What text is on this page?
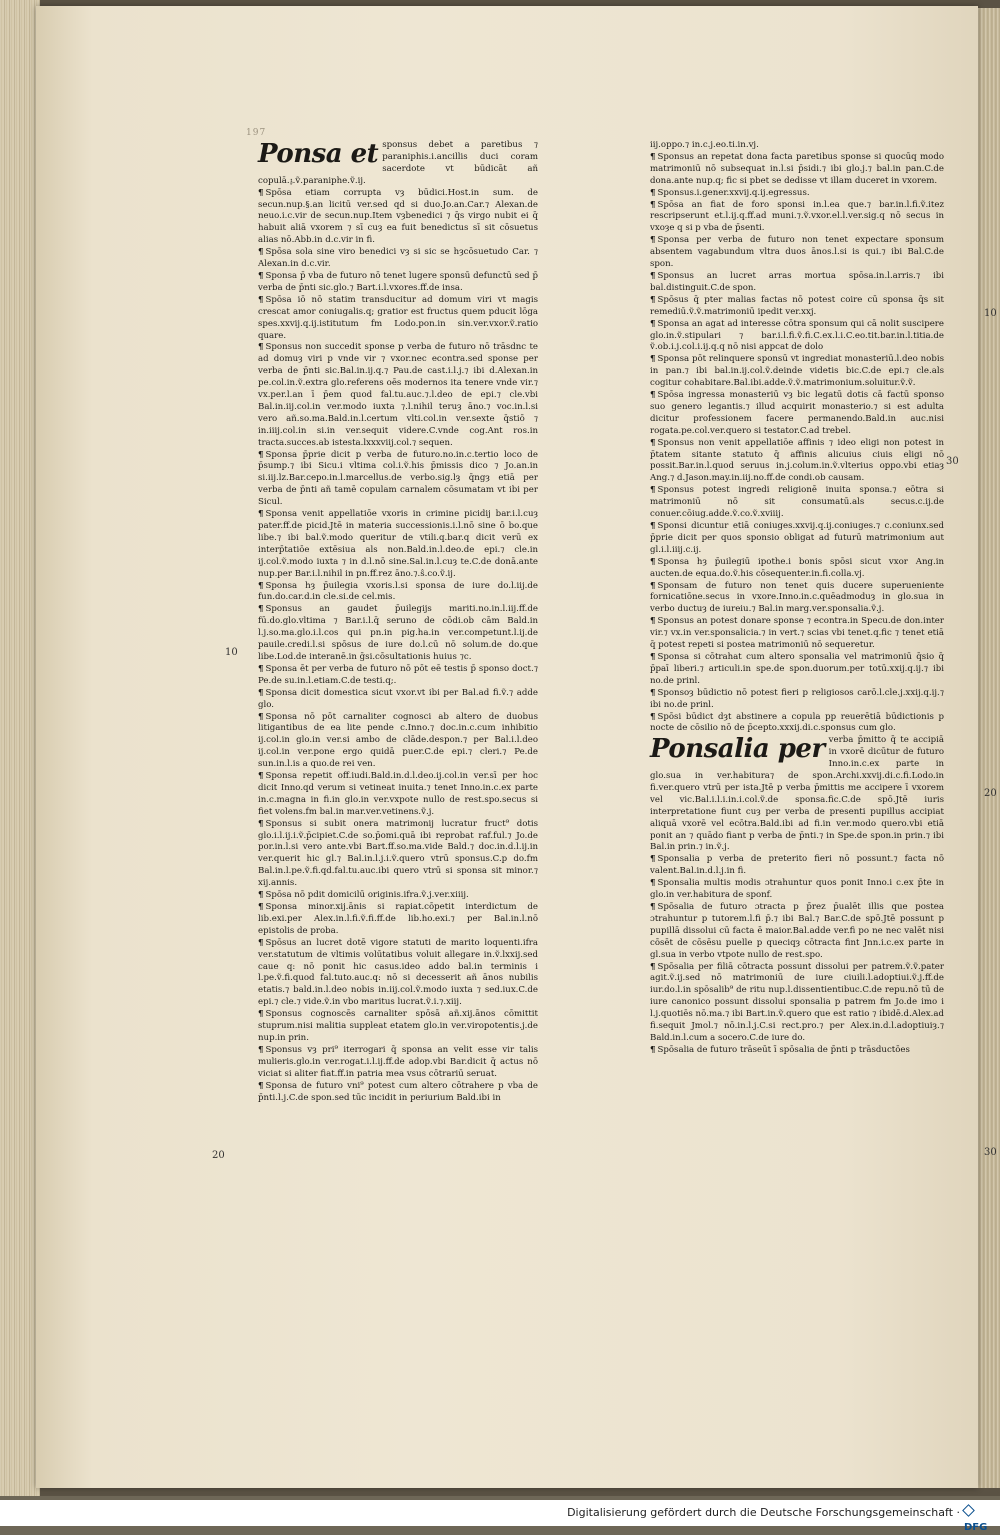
197
10
20
30
10
20
30
Ponsa et sponsus debet a paretibus ⁊ paraniphis.i.ancillis duci coram sacerdote vt būdicāt añ copulā.𝔷.ṽ.paraniphe.ṽ.ij.

¶ Spōsa etiam corrupta vȝ būdici.Host.in sum. de secun.nup.§.an licitū ver.sed qd si duo.Jo.an.Car.⁊ Alexan.de neuo.i.c.vir de secun.nup.Item vȝbenedici ⁊ q̄s virgo nubit ei q̄ habuit aliā vxorem ⁊ sī cuȝ ea fuit benedictus sī sit cōsuetus alias nō.Abb.in d.c.vir in fi.

¶ Spōsa sola sine viro benedici vȝ si sic se hȝcōsuetudo Car. ⁊ Alexan.in d.c.vir.

¶ Sponsa p̄ vba de futuro nō tenet lugere sponsū defunctū sed p̄ verba de p̄nti sic.glo.⁊ Bart.i.l.vxores.ff.de insa.

¶ Spōsa iō nō statim transducitur ad domum viri vt magis crescat amor coniugalis.q; gratior est fructus quem pducit lōga spes.xxvij.q.ij.istitutum fm Lodo.pon.in sin.ver.vxor.ṽ.ratio quare.

¶ Sponsus non succedit sponse p verba de futuro nō trāsdnc te ad domuȝ viri p vnde vir ⁊ vxor.nec econtra.sed sponse per verba de p̄nti sic.Bal.in.ij.q.⁊ Pau.de cast.i.l.j.⁊ ibi d.Alexan.in pe.col.in.ṽ.extra glo.referens oēs modernos ita tenere vnde vir.⁊ vx.per.l.an ī p̄em quod fal.tu.auc.⁊.l.deo de epi.⁊ cle.vbi Bal.in.iij.col.in ver.modo iuxta ⁊.l.nihil teruȝ āno.⁊ voc.in.l.si vero añ.so.ma.Bald.in.l.certum vlti.col.in ver.sexte q̄stiō ⁊ in.iiij.col.in si.in ver.sequit videre.C.vnde cog.Ant ros.in tracta.succes.ab istesta.lxxxviij.col.⁊ sequen.

¶ Sponsa p̄prie dicit p verba de futuro.no.in.c.tertio loco de p̄sump.⁊ ibi Sicu.i vltima col.i.ṽ.his p̄missis dico ⁊ Jo.an.in si.iij.lz.Bar.cepo.in.l.marcellus.de verbo.sig.lȝ q̄ngȝ etiā per verba de p̄nti añ tamē copulam carnalem cōsumatam vt ibi per Sicul.

¶ Sponsa venit appellatiōe vxoris in crimine picidij bar.i.l.cuȝ pater.ff.de picid.Jtē in materia successionis.i.l.nō sine ō bo.que libe.⁊ ibi bal.ṽ.modo queritur de vtili.q.bar.q dicit verū ex interp̄tatiōe extēsiua als non.Bald.in.l.deo.de epi.⁊ cle.in ij.col.ṽ.modo iuxta ⁊ in d.l.nō sine.Sal.in.l.cuȝ te.C.de donā.ante nup.per Bar.i.l.nihil in pn.ff.rez āno.⁊.ŝ.co.ṽ.ij.

¶ Sponsa hȝ p̄uilegia vxoris.l.si sponsa de iure do.l.iij.de fun.do.car.d.in cle.si.de cel.mis.

¶ Sponsus an gaudet p̄uilegijs mariti.no.in.l.iij.ff.de fū.do.glo.vltima ⁊ Bar.i.l.q̄ seruno de cōdi.ob cām Bald.in l.j.so.ma.glo.i.l.cos qui pn.in pig.ha.in ver.competunt.l.ij.de pauile.credi.l.si spōsus de iure do.l.cū nō solum.de do.que libe.Lod.de interanē.in ḡsi.cōsultationis huius ⁊c.

¶ Sponsa ēt per verba de futuro nō pōt eē testis p̄ sponso doct.⁊ Pe.de su.in.l.etiam.C.de testi.q;.

¶ Sponsa dicit domestica sicut vxor.vt ibi per Bal.ad fi.ṽ.⁊ adde glo.

¶ Sponsa nō pōt carnaliter cognosci ab altero de duobus litigantibus de ea lite pende c.Inno.⁊ doc.in.c.cum inhibitio ij.col.in glo.in ver.si ambo de clāde.despon.⁊ per Bal.i.l.deo ij.col.in ver.pone ergo quidā puer.C.de epi.⁊ cleri.⁊ Pe.de sun.in.l.is a quo.de rei ven.

¶ Sponsa repetit off.iudi.Bald.in.d.l.deo.ij.col.in ver.sī per hoc dicit Inno.qd verum si vetineat inuita.⁊ tenet Inno.in.c.ex parte in.c.magna in fi.in glo.in ver.vxpote nullo de rest.spo.secus si fiet volens.fm bal.in mar.ver.vetinens.ṽ.j.

¶ Sponsus si subit onera matrimonij lucratur fruct⁹ dotis glo.i.l.ij.i.ṽ.p̄cipiet.C.de so.p̄omi.quā ibi reprobat raf.ful.⁊ Jo.de por.in.l.si vero ante.vbi Bart.ff.so.ma.vide Bald.⁊ doc.in.d.l.ij.in ver.querit hic gl.⁊ Bal.in.l.j.i.ṽ.quero vtrū sponsus.C.p do.fm Bal.in.l.pe.ṽ.fi.qd.fal.tu.auc.ibi quero vtrū si sponsa sit minor.⁊ xij.annis.

¶ Spōsa nō pdit domicilū originis.ifra.ṽ.j.ver.xiiij.

¶ Sponsa minor.xij.ānis si rapiat.cōpetit interdictum de lib.exi.per Alex.in.l.fi.ṽ.fi.ff.de lib.ho.exi.⁊ per Bal.in.l.nō epistolis de proba.

¶ Spōsus an lucret dotē vigore statuti de marito loquenti.ifra ver.statutum de vltimis volūtatibus voluit allegare in.ṽ.lxxij.sed caue q: nō ponit hic casus.ideo addo bal.in terminis i l.pe.ṽ.fi.quod fal.tuto.auc.q: nō si decesserit añ ānos nubilis etatis.⁊ bald.in.l.deo nobis in.iij.col.ṽ.modo iuxta ⁊ sed.iux.C.de epi.⁊ cle.⁊ vide.ṽ.in vbo maritus lucrat.ṽ.i.⁊.xiij.

¶ Sponsus cognoscēs carnaliter spōsā añ.xij.ānos cōmittit stuprum.nisi malitia suppleat etatem glo.in ver.viropotentis.j.de nup.in prin.

¶ Sponsus vȝ pri⁹ iterrogari q̄ sponsa an velit esse vir talis mulieris.glo.in ver.rogat.i.l.ij.ff.de adop.vbi Bar.dicit q̄ actus nō viciat si aliter fiat.ff.in patria mea vsus cōtrariū seruat.

¶ Sponsa de futuro vni⁹ potest cum altero cōtrahere p vba de p̄nti.l.j.C.de spon.sed tūc incidit in periurium Bald.ibi in

iij.oppo.⁊ in.c.j.eo.ti.in.vj.

¶ Sponsus an repetat dona facta paretibus sponse si quocūq modo matrimoniū nō subsequat in.l.si p̄sidi.⁊ ibi glo.j.⁊ bal.in pan.C.de dona.ante nup.q; fic si pbet se dedisse vt illam duceret in vxorem.

¶ Sponsus.i.gener.xxvij.q.ij.egressus.

¶ Spōsa an fiat de foro sponsi in.l.ea que.⁊ bar.in.l.fi.ṽ.itez rescripserunt et.l.ij.q.ff.ad muni.⁊.ṽ.vxor.el.l.ver.sig.q nō secus in vxoȝe q si p vba de p̄senti.

¶ Sponsa per verba de futuro non tenet expectare sponsum absentem vagabundum vltra duos ānos.l.si is qui.⁊ ibi Bal.C.de spon.

¶ Sponsus an lucret arras mortua spōsa.in.l.arris.⁊ ibi bal.distinguit.C.de spon.

¶ Spōsus q̄ pter malias factas nō potest coire cū sponsa q̄s sit remediū.ṽ.ṽ.matrimoniū ipedit ver.xxj.

¶ Sponsa an agat ad interesse cōtra sponsum qui cā nolit suscipere glo.in.ṽ.stipulari ⁊ bar.i.l.fi.ṽ.fi.C.ex.l.i.C.eo.tit.bar.in.l.titia.de ṽ.ob.i.j.col.i.ij.q.q nō nisi appcat de dolo

¶ Sponsa pōt relinquere sponsū vt ingrediat monasteriū.l.deo nobis in pan.⁊ ibi bal.in.ij.col.ṽ.deinde videtis bic.C.de epi.⁊ cle.als cogitur cohabitare.Bal.ibi.adde.ṽ.ṽ.matrimonium.soluitur.ṽ.ṽ.

¶ Spōsa ingressa monasteriū vȝ bic legatū dotis cā factū sponso suo genero legantis.⁊ illud acquirit monasterio.⁊ si est adulta dicitur professionem facere permanendo.Bald.in auc.nisi rogata.pe.col.ver.quero si testator.C.ad trebel.

¶ Sponsus non venit appellatiōe affinis ⁊ ideo eligi non potest in p̄tatem sitante statuto q̄ affinis alicuius ciuis eligi nō possit.Bar.in.l.quod seruus in.j.colum.in.ṽ.vlterius oppo.vbi etiaȝ Ang.⁊ d.Jason.may.in.iij.no.ff.de condi.ob causam.

¶ Sponsus potest ingredi religionē inuita sponsa.⁊ eōtra si matrimoniū nō sit consumatū.als secus.c.ij.de conuer.cōiug.adde.ṽ.co.ṽ.xviiij.

¶ Sponsi dicuntur etiā coniuges.xxvij.q.ij.coniuges.⁊ c.coniunx.sed p̄prie dicit per quos sponsio obligat ad futurū matrimonium aut gl.i.l.iiij.c.ij.

¶ Sponsa hȝ p̄uilegiū ipothe.i bonis spōsi sicut vxor Ang.in aucten.de equa.do.ṽ.his cōsequenter.in.fi.colla.vj.

¶ Sponsam de futuro non tenet quis ducere superueniente fornicatiōne.secus in vxore.Inno.in.c.quēadmoduȝ in glo.sua in verbo ductuȝ de iureiu.⁊ Bal.in marg.ver.sponsalia.ṽ.j.

¶ Sponsus an potest donare sponse ⁊ econtra.in Specu.de don.inter vir.⁊ vx.in ver.sponsalicia.⁊ in vert.⁊ scias vbi tenet.q.fic ⁊ tenet etiā q̄ potest repeti si postea matrimoniū nō sequeretur.

¶ Sponsa si cōtrahat cum altero sponsalia vel matrimoniū q̄sio q̄ p̄paī liberi.⁊ articuli.in spe.de spon.duorum.per totū.xxij.q.ij.⁊ ibi no.de prinl.

¶ Sponsoȝ būdictio nō potest fieri p religiosos carō.l.cle.j.xxij.q.ij.⁊ ibi no.de prinl.

¶ Spōsi būdict dȝt abstinere a copula pp reuerētiā būdictionis p nocte de cōsilio nō de p̄cepto.xxxij.di.c.sponsus cum glo.

Ponsalia per verba p̄mitto q̄ te accipiā in vxorē dicūtur de futuro Inno.in.c.ex parte in glo.sua in ver.habitura⁊ de spon.Archi.xxvij.di.c.fi.Lodo.in fi.ver.quero vtrū per ista.Jtē p verba p̄mittis me accipere ī vxorem vel vic.Bal.i.l.i.in.i.col.ṽ.de sponsa.fic.C.de spō.Jtē iuris interpretatione fiunt cuȝ per verba de presenti pupillus accipiat aliquā vxorē vel ecōtra.Bald.ibi ad fi.in ver.modo quero.vbi etiā ponit an ⁊ quādo fiant p verba de p̄nti.⁊ in Spe.de spon.in prin.⁊ ibi Bal.in prin.⁊ in.ṽ.j.

¶ Sponsalia p verba de preterito fieri nō possunt.⁊ facta nō valent.Bal.in.d.l.j.in fi.

¶ Sponsalia multis modis ɔtrahuntur quos ponit Inno.i c.ex p̄te in glo.in ver.habitura de sponf.

¶ Spōsalia de futuro ɔtracta p p̄rez p̄ualēt illis que postea ɔtrahuntur p tutorem.l.fi p̄.⁊ ibi Bal.⁊ Bar.C.de spō.Jtē possunt p pupillā dissolui cū facta ē maior.Bal.adde ver.fi po ne nec valēt nisi cōsēt de cōsēsu puelle p queciqȝ cōtracta fint Jnn.i.c.ex parte in gl.sua in verbo vtpote nullo de rest.spo.

¶ Spōsalia per filiā cōtracta possunt dissolui per patrem.ṽ.ṽ.pater agit.ṽ.ij.sed nō matrimoniū de iure ciuili.l.adoptiui.ṽ.j.ff.de iur.do.l.in spōsalib⁹ de ritu nup.l.dissentientibuc.C.de repu.nō tū de iure canonico possunt dissolui sponsalia p patrem fm Jo.de imo i l.j.quotiēs nō.ma.⁊ ibi Bart.in.ṽ.quero que est ratio ⁊ ibidē.d.Alex.ad fi.sequit Jmol.⁊ nō.in.l.j.C.si rect.pro.⁊ per Alex.in.d.l.adoptiuiȝ.⁊ Bald.in.l.cum a socero.C.de iure do.

¶ Spōsalia de futuro trāseūt ī spōsalia de p̄nti p trāsductōes

Digitalisierung gefördert durch die Deutsche Forschungsgemeinschaft ·
DFG
